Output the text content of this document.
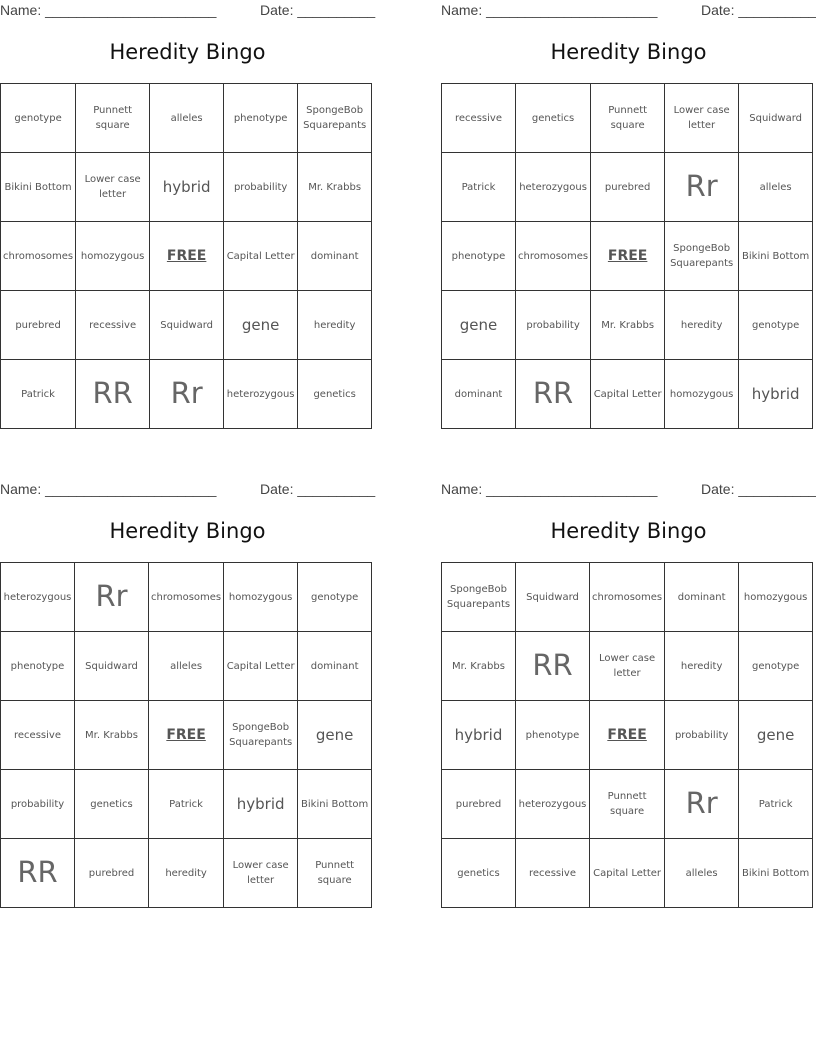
Name: ______________________	Date: __________
Heredity Bingo
genotype	Punnett square	alleles	phenotype	SpongeBob Squarepants
Bikini Bottom	Lower case letter	hybrid	probability	Mr. Krabbs
chromosomes	homozygous	FREE	Capital Letter	dominant
purebred	recessive	Squidward	gene	heredity
Patrick	RR	Rr	heterozygous	genetics
Name: ______________________	Date: __________
Heredity Bingo
recessive	genetics	Punnett square	Lower case letter	Squidward
Patrick	heterozygous	purebred	Rr	alleles
phenotype	chromosomes	FREE	SpongeBob Squarepants	Bikini Bottom
gene	probability	Mr. Krabbs	heredity	genotype
dominant	RR	Capital Letter	homozygous	hybrid
Name: ______________________	Date: __________
Heredity Bingo
heterozygous	Rr	chromosomes	homozygous	genotype
phenotype	Squidward	alleles	Capital Letter	dominant
recessive	Mr. Krabbs	FREE	SpongeBob Squarepants	gene
probability	genetics	Patrick	hybrid	Bikini Bottom
RR	purebred	heredity	Lower case letter	Punnett square
Name: ______________________	Date: __________
Heredity Bingo
SpongeBob Squarepants	Squidward	chromosomes	dominant	homozygous
Mr. Krabbs	RR	Lower case letter	heredity	genotype
hybrid	phenotype	FREE	probability	gene
purebred	heterozygous	Punnett square	Rr	Patrick
genetics	recessive	Capital Letter	alleles	Bikini Bottom
